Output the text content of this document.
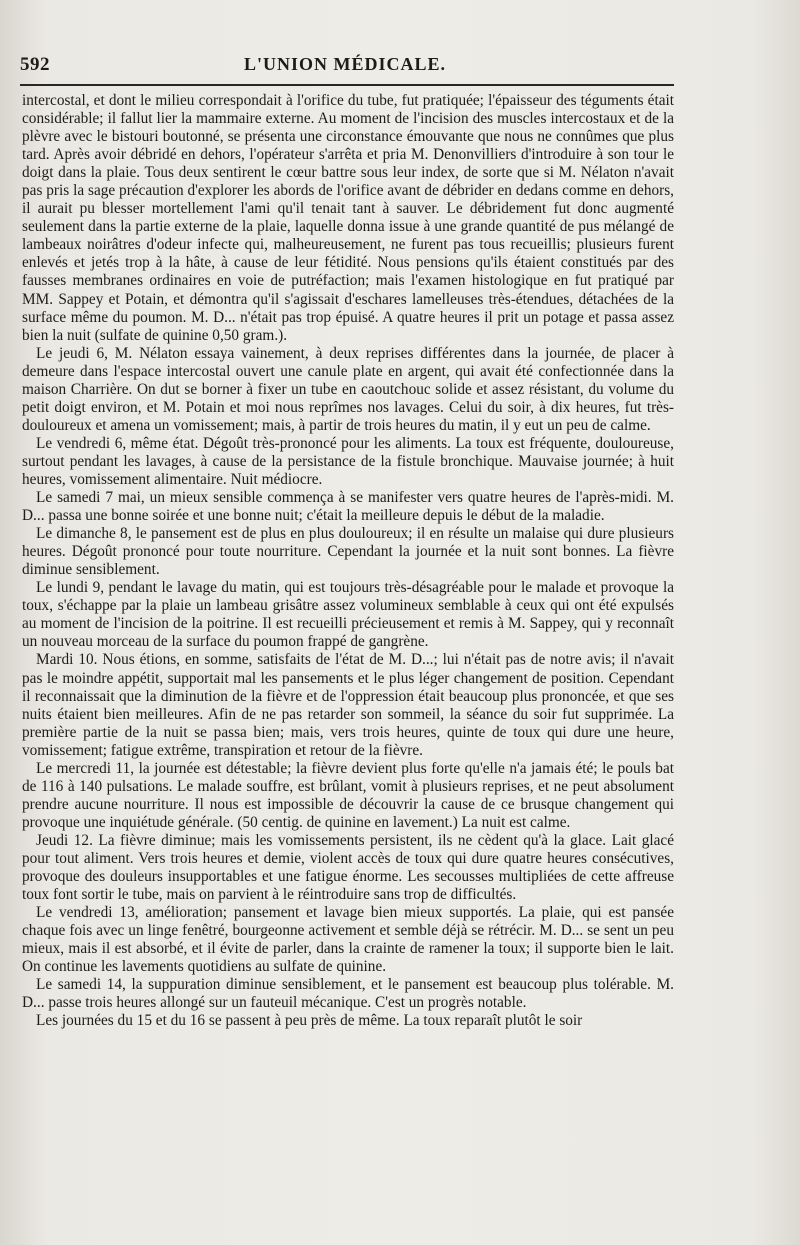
592	L'UNION MÉDICALE.

intercostal, et dont le milieu correspondait à l'orifice du tube, fut pratiquée; l'épaisseur des téguments était considérable; il fallut lier la mammaire externe. Au moment de l'incision des muscles intercostaux et de la plèvre avec le bistouri boutonné, se présenta une circonstance émouvante que nous ne connûmes que plus tard. Après avoir débridé en dehors, l'opérateur s'arrêta et pria M. Denonvilliers d'introduire à son tour le doigt dans la plaie. Tous deux sentirent le cœur battre sous leur index, de sorte que si M. Nélaton n'avait pas pris la sage précaution d'explorer les abords de l'orifice avant de débrider en dedans comme en dehors, il aurait pu blesser mortellement l'ami qu'il tenait tant à sauver. Le débridement fut donc augmenté seulement dans la partie externe de la plaie, laquelle donna issue à une grande quantité de pus mélangé de lambeaux noirâtres d'odeur infecte qui, malheureusement, ne furent pas tous recueillis; plusieurs furent enlevés et jetés trop à la hâte, à cause de leur fétidité. Nous pensions qu'ils étaient constitués par des fausses membranes ordinaires en voie de putréfaction; mais l'examen histologique en fut pratiqué par MM. Sappey et Potain, et démontra qu'il s'agissait d'eschares lamelleuses très-étendues, détachées de la surface même du poumon. M. D... n'était pas trop épuisé. A quatre heures il prit un potage et passa assez bien la nuit (sulfate de quinine 0,50 gram.).

Le jeudi 6, M. Nélaton essaya vainement, à deux reprises différentes dans la journée, de placer à demeure dans l'espace intercostal ouvert une canule plate en argent, qui avait été confectionnée dans la maison Charrière. On dut se borner à fixer un tube en caoutchouc solide et assez résistant, du volume du petit doigt environ, et M. Potain et moi nous reprîmes nos lavages. Celui du soir, à dix heures, fut très-douloureux et amena un vomissement; mais, à partir de trois heures du matin, il y eut un peu de calme.

Le vendredi 6, même état. Dégoût très-prononcé pour les aliments. La toux est fréquente, douloureuse, surtout pendant les lavages, à cause de la persistance de la fistule bronchique. Mauvaise journée; à huit heures, vomissement alimentaire. Nuit médiocre.

Le samedi 7 mai, un mieux sensible commença à se manifester vers quatre heures de l'après-midi. M. D... passa une bonne soirée et une bonne nuit; c'était la meilleure depuis le début de la maladie.

Le dimanche 8, le pansement est de plus en plus douloureux; il en résulte un malaise qui dure plusieurs heures. Dégoût prononcé pour toute nourriture. Cependant la journée et la nuit sont bonnes. La fièvre diminue sensiblement.

Le lundi 9, pendant le lavage du matin, qui est toujours très-désagréable pour le malade et provoque la toux, s'échappe par la plaie un lambeau grisâtre assez volumineux semblable à ceux qui ont été expulsés au moment de l'incision de la poitrine. Il est recueilli précieusement et remis à M. Sappey, qui y reconnaît un nouveau morceau de la surface du poumon frappé de gangrène.

Mardi 10. Nous étions, en somme, satisfaits de l'état de M. D...; lui n'était pas de notre avis; il n'avait pas le moindre appétit, supportait mal les pansements et le plus léger changement de position. Cependant il reconnaissait que la diminution de la fièvre et de l'oppression était beaucoup plus prononcée, et que ses nuits étaient bien meilleures. Afin de ne pas retarder son sommeil, la séance du soir fut supprimée. La première partie de la nuit se passa bien; mais, vers trois heures, quinte de toux qui dure une heure, vomissement; fatigue extrême, transpiration et retour de la fièvre.

Le mercredi 11, la journée est détestable; la fièvre devient plus forte qu'elle n'a jamais été; le pouls bat de 116 à 140 pulsations. Le malade souffre, est brûlant, vomit à plusieurs reprises, et ne peut absolument prendre aucune nourriture. Il nous est impossible de découvrir la cause de ce brusque changement qui provoque une inquiétude générale. (50 centig. de quinine en lavement.) La nuit est calme.

Jeudi 12. La fièvre diminue; mais les vomissements persistent, ils ne cèdent qu'à la glace. Lait glacé pour tout aliment. Vers trois heures et demie, violent accès de toux qui dure quatre heures consécutives, provoque des douleurs insupportables et une fatigue énorme. Les secousses multipliées de cette affreuse toux font sortir le tube, mais on parvient à le réintroduire sans trop de difficultés.

Le vendredi 13, amélioration; pansement et lavage bien mieux supportés. La plaie, qui est pansée chaque fois avec un linge fenêtré, bourgeonne activement et semble déjà se rétrécir. M. D... se sent un peu mieux, mais il est absorbé, et il évite de parler, dans la crainte de ramener la toux; il supporte bien le lait. On continue les lavements quotidiens au sulfate de quinine.

Le samedi 14, la suppuration diminue sensiblement, et le pansement est beaucoup plus tolérable. M. D... passe trois heures allongé sur un fauteuil mécanique. C'est un progrès notable.

Les journées du 15 et du 16 se passent à peu près de même. La toux reparaît plutôt le soir
